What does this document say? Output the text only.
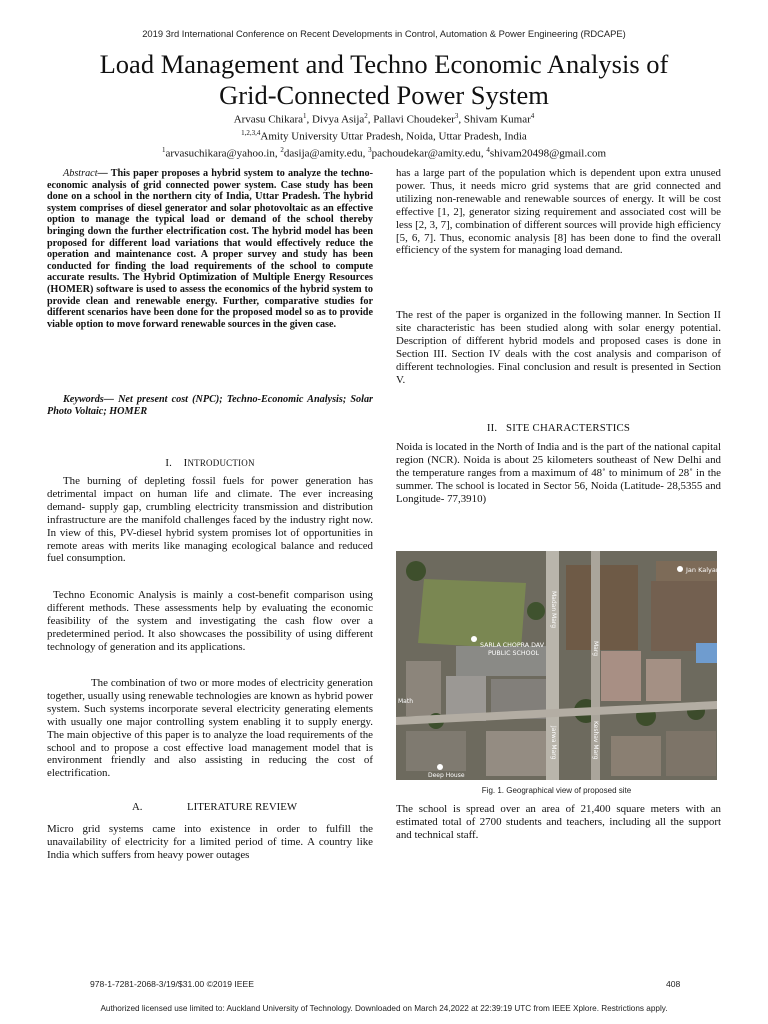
2019 3rd International Conference on Recent Developments in Control, Automation & Power Engineering (RDCAPE)
Load Management and Techno Economic Analysis of
Grid-Connected Power System
Arvasu Chikara$^1$, Divya Asija$^2$, Pallavi Choudeker$^3$, Shivam Kumar$^4$
$^{1,2,3,4}$Amity University Uttar Pradesh, Noida, Uttar Pradesh, India
$^1$arvasuchikara@yahoo.in, $^2$dasija@amity.edu, $^3$pachoudekar@amity.edu, $^4$shivam20498@gmail.com

Abstract— This paper proposes a hybrid system to analyze the techno-economic analysis of grid connected power system. Case study has been done on a school in the northern city of India, Uttar Pradesh. The hybrid system comprises of diesel generator and solar photovoltaic as an effective option to manage the typical load or demand of the school thereby bringing down the further electrification cost. The hybrid model has been proposed for different load variations that would effectively reduce the operation and maintenance cost. A proper survey and study has been conducted for finding the load requirements of the school to compute accurate results. The Hybrid Optimization of Multiple Energy Resources (HOMER) software is used to assess the economics of the hybrid system to provide clean and renewable energy. Further, comparative studies for different scenarios have been done for the proposed model so as to provide viable option to move forward renewable sources in the given case.

Keywords— Net present cost (NPC); Techno-Economic Analysis; Solar Photo Voltaic; HOMER

I. INTRODUCTION

The burning of depleting fossil fuels for power generation has detrimental impact on human life and climate. The ever increasing demand- supply gap, crumbling electricity transmission and distribution infrastructure are the manifold challenges faced by the industry right now. In view of this, PV-diesel hybrid system promises lot of opportunities in remote areas with merits like managing ecological balance and reduced fuel consumption.

Techno Economic Analysis is mainly a cost-benefit comparison using different methods. These assessments help by evaluating the economic feasibility of the system and investigating the cash flow over a predetermined period. It also showcases the possibility of using different technology of generation and its applications.

The combination of two or more modes of electricity generation together, usually using renewable technologies are known as hybrid power system. Such systems incorporate several electricity generating elements with usually one major controlling system enabling it to supply energy. The main objective of this paper is to analyze the load requirements of the school and to propose a cost effective load management model that is environment friendly and also assisting in reducing the cost of electrification.

A.	LITERATURE REVIEW

Micro grid systems came into existence in order to fulfill the unavailability of electricity for a limited period of time. A country like India which suffers from heavy power outages

has a large part of the population which is dependent upon extra unused power. Thus, it needs micro grid systems that are grid connected and utilizing non-renewable and renewable sources of energy. It will be cost effective [1, 2], generator sizing requirement and associated cost will be less [2, 3, 7], combination of different sources will provide high efficiency [5, 6, 7]. Thus, economic analysis [8] has been done to find the overall efficiency of the system for managing load demand.

The rest of the paper is organized in the following manner. In Section II site characteristic has been studied along with solar energy potential. Description of different hybrid models and proposed cases is done in Section III. Section IV deals with the cost analysis and comparison of different technologies. Final conclusion and result is presented in Section V.

II. SITE CHARACTERSTICS

Noida is located in the North of India and is the part of the national capital region (NCR). Noida is about 25 kilometers southeast of New Delhi and the temperature ranges from a maximum of 48˚ to minimum of 28˚ in the summer. The school is located in Sector 56, Noida (Latitude- 28,5355 and Longitude- 77,3910)

Jan Kalyan Trust
SARLA CHOPRA DAV
PUBLIC SCHOOL
Madan Marg
Marg
Jarwa Marg	Keshav Marg
Deep House
Math
Fig. 1. Geographical view of proposed site

The school is spread over an area of 21,400 square meters with an estimated total of 2700 students and teachers, including all the support and technical staff.

978-1-7281-2068-3/19/$31.00 ©2019 IEEE	408
Authorized licensed use limited to: Auckland University of Technology. Downloaded on March 24,2022 at 22:39:19 UTC from IEEE Xplore. Restrictions apply.
